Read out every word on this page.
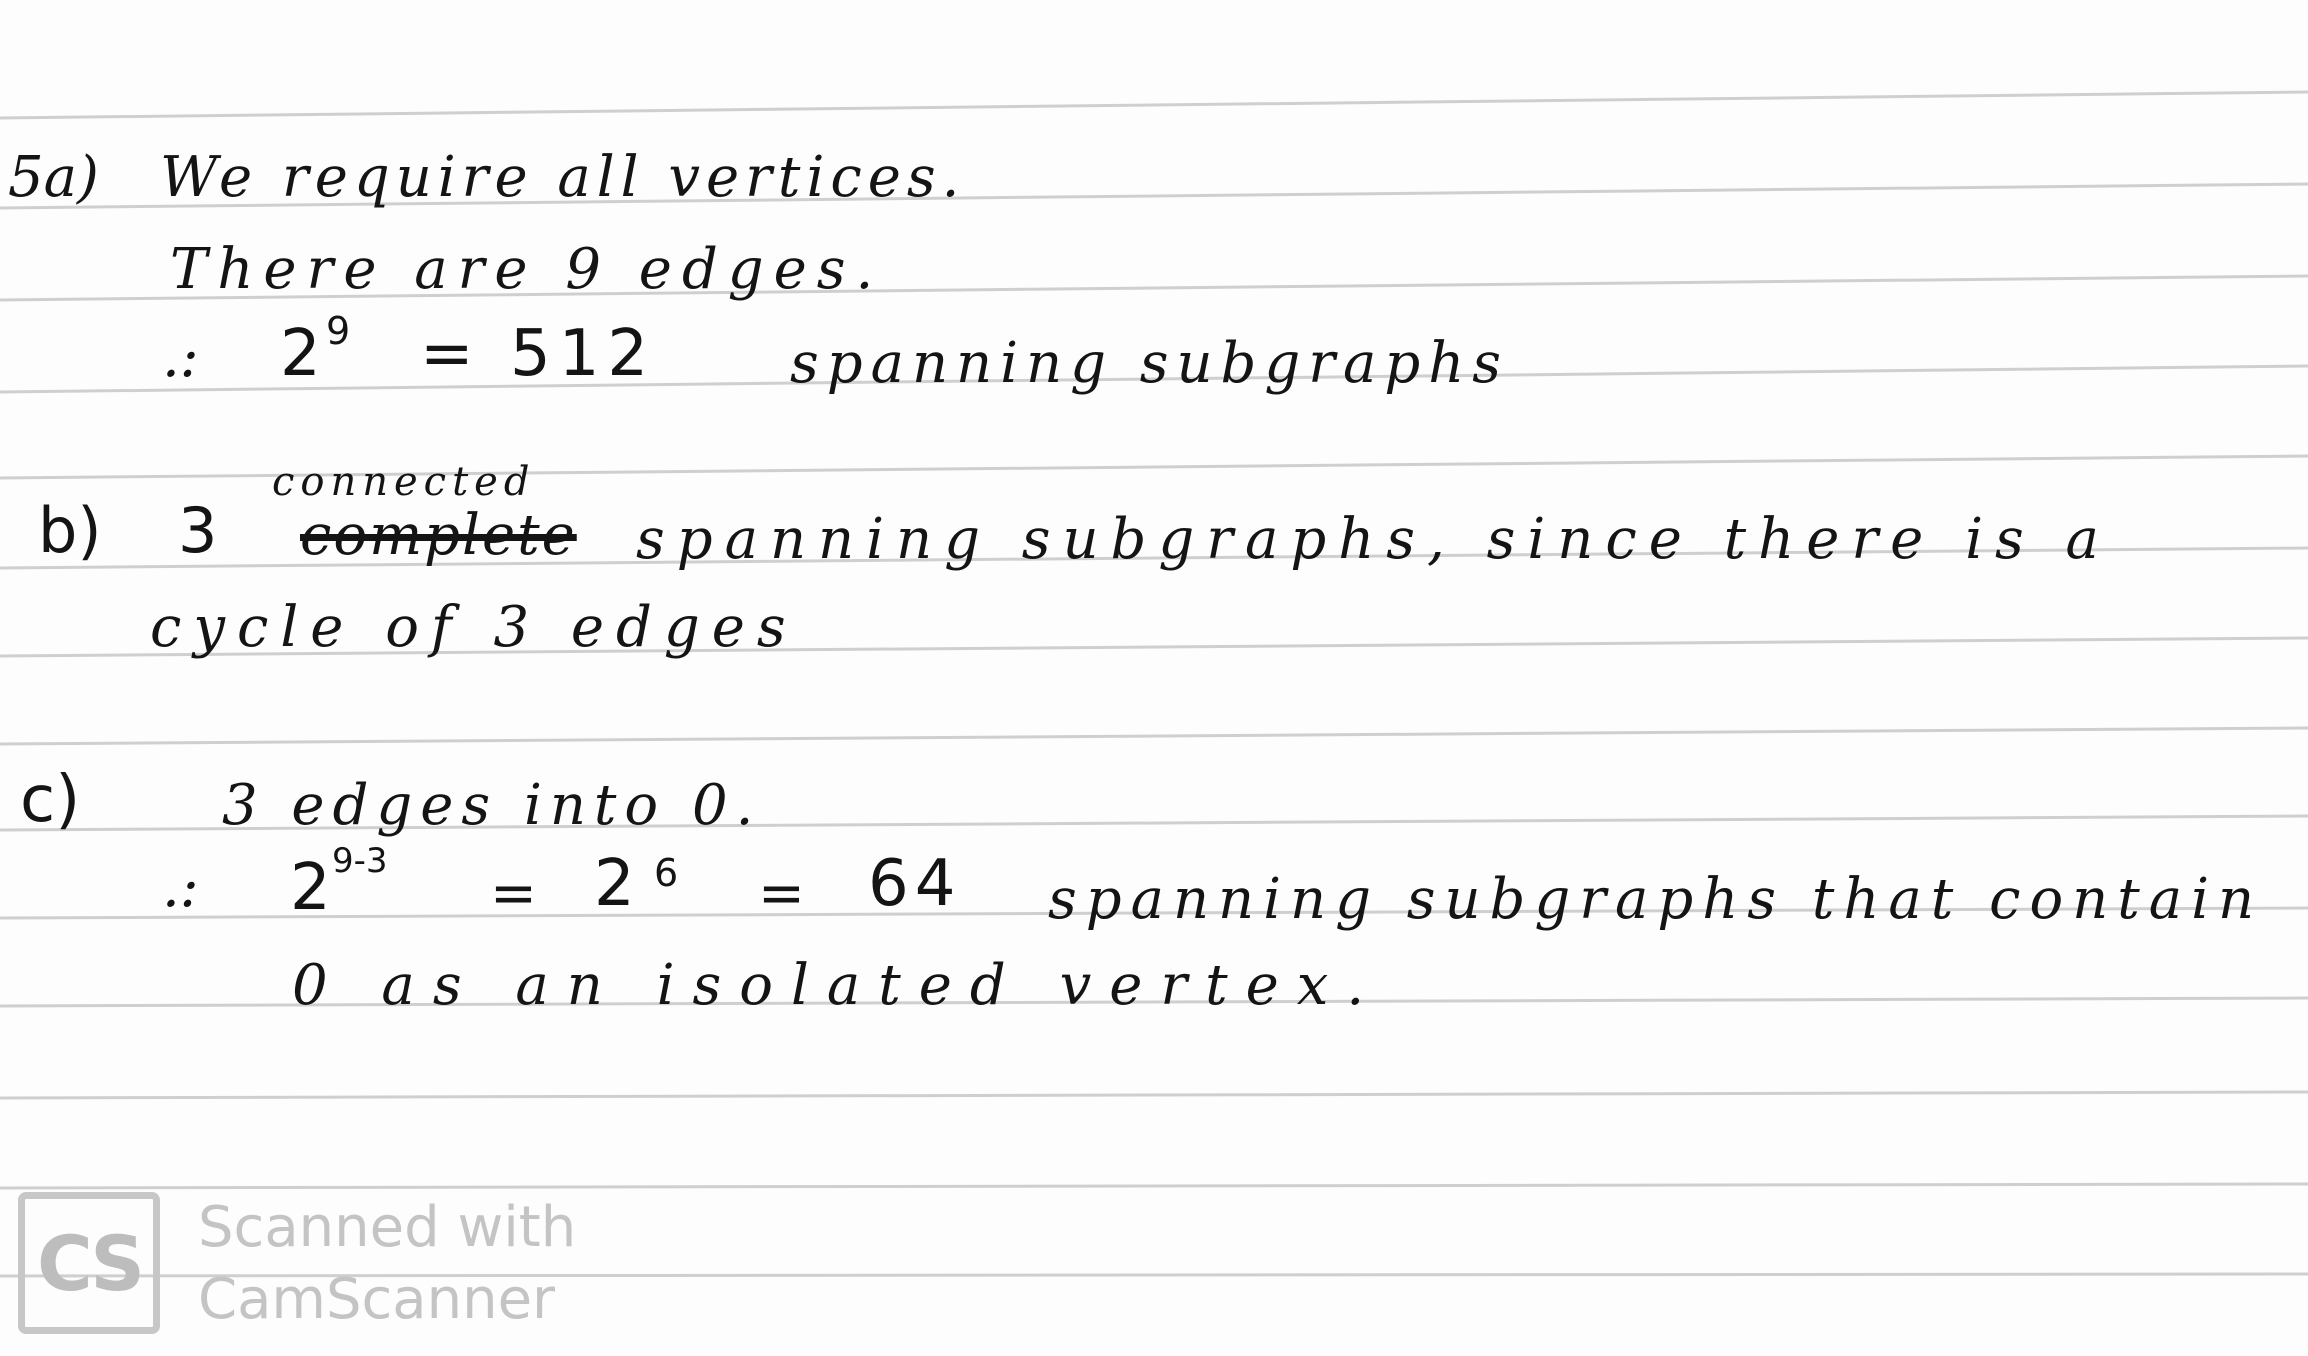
5a) We require all vertices.
There are 9 edges.
.: 2 9 = 512 spanning subgraphs
connected
b) 3 complete spanning subgraphs, since there is a
cycle of 3 edges
c)	3 edges into 0.
.: 2 9-3 = 2 6 = 64 spanning subgraphs that contain
0 as an isolated vertex.
CS Scanned with
CamScanner
